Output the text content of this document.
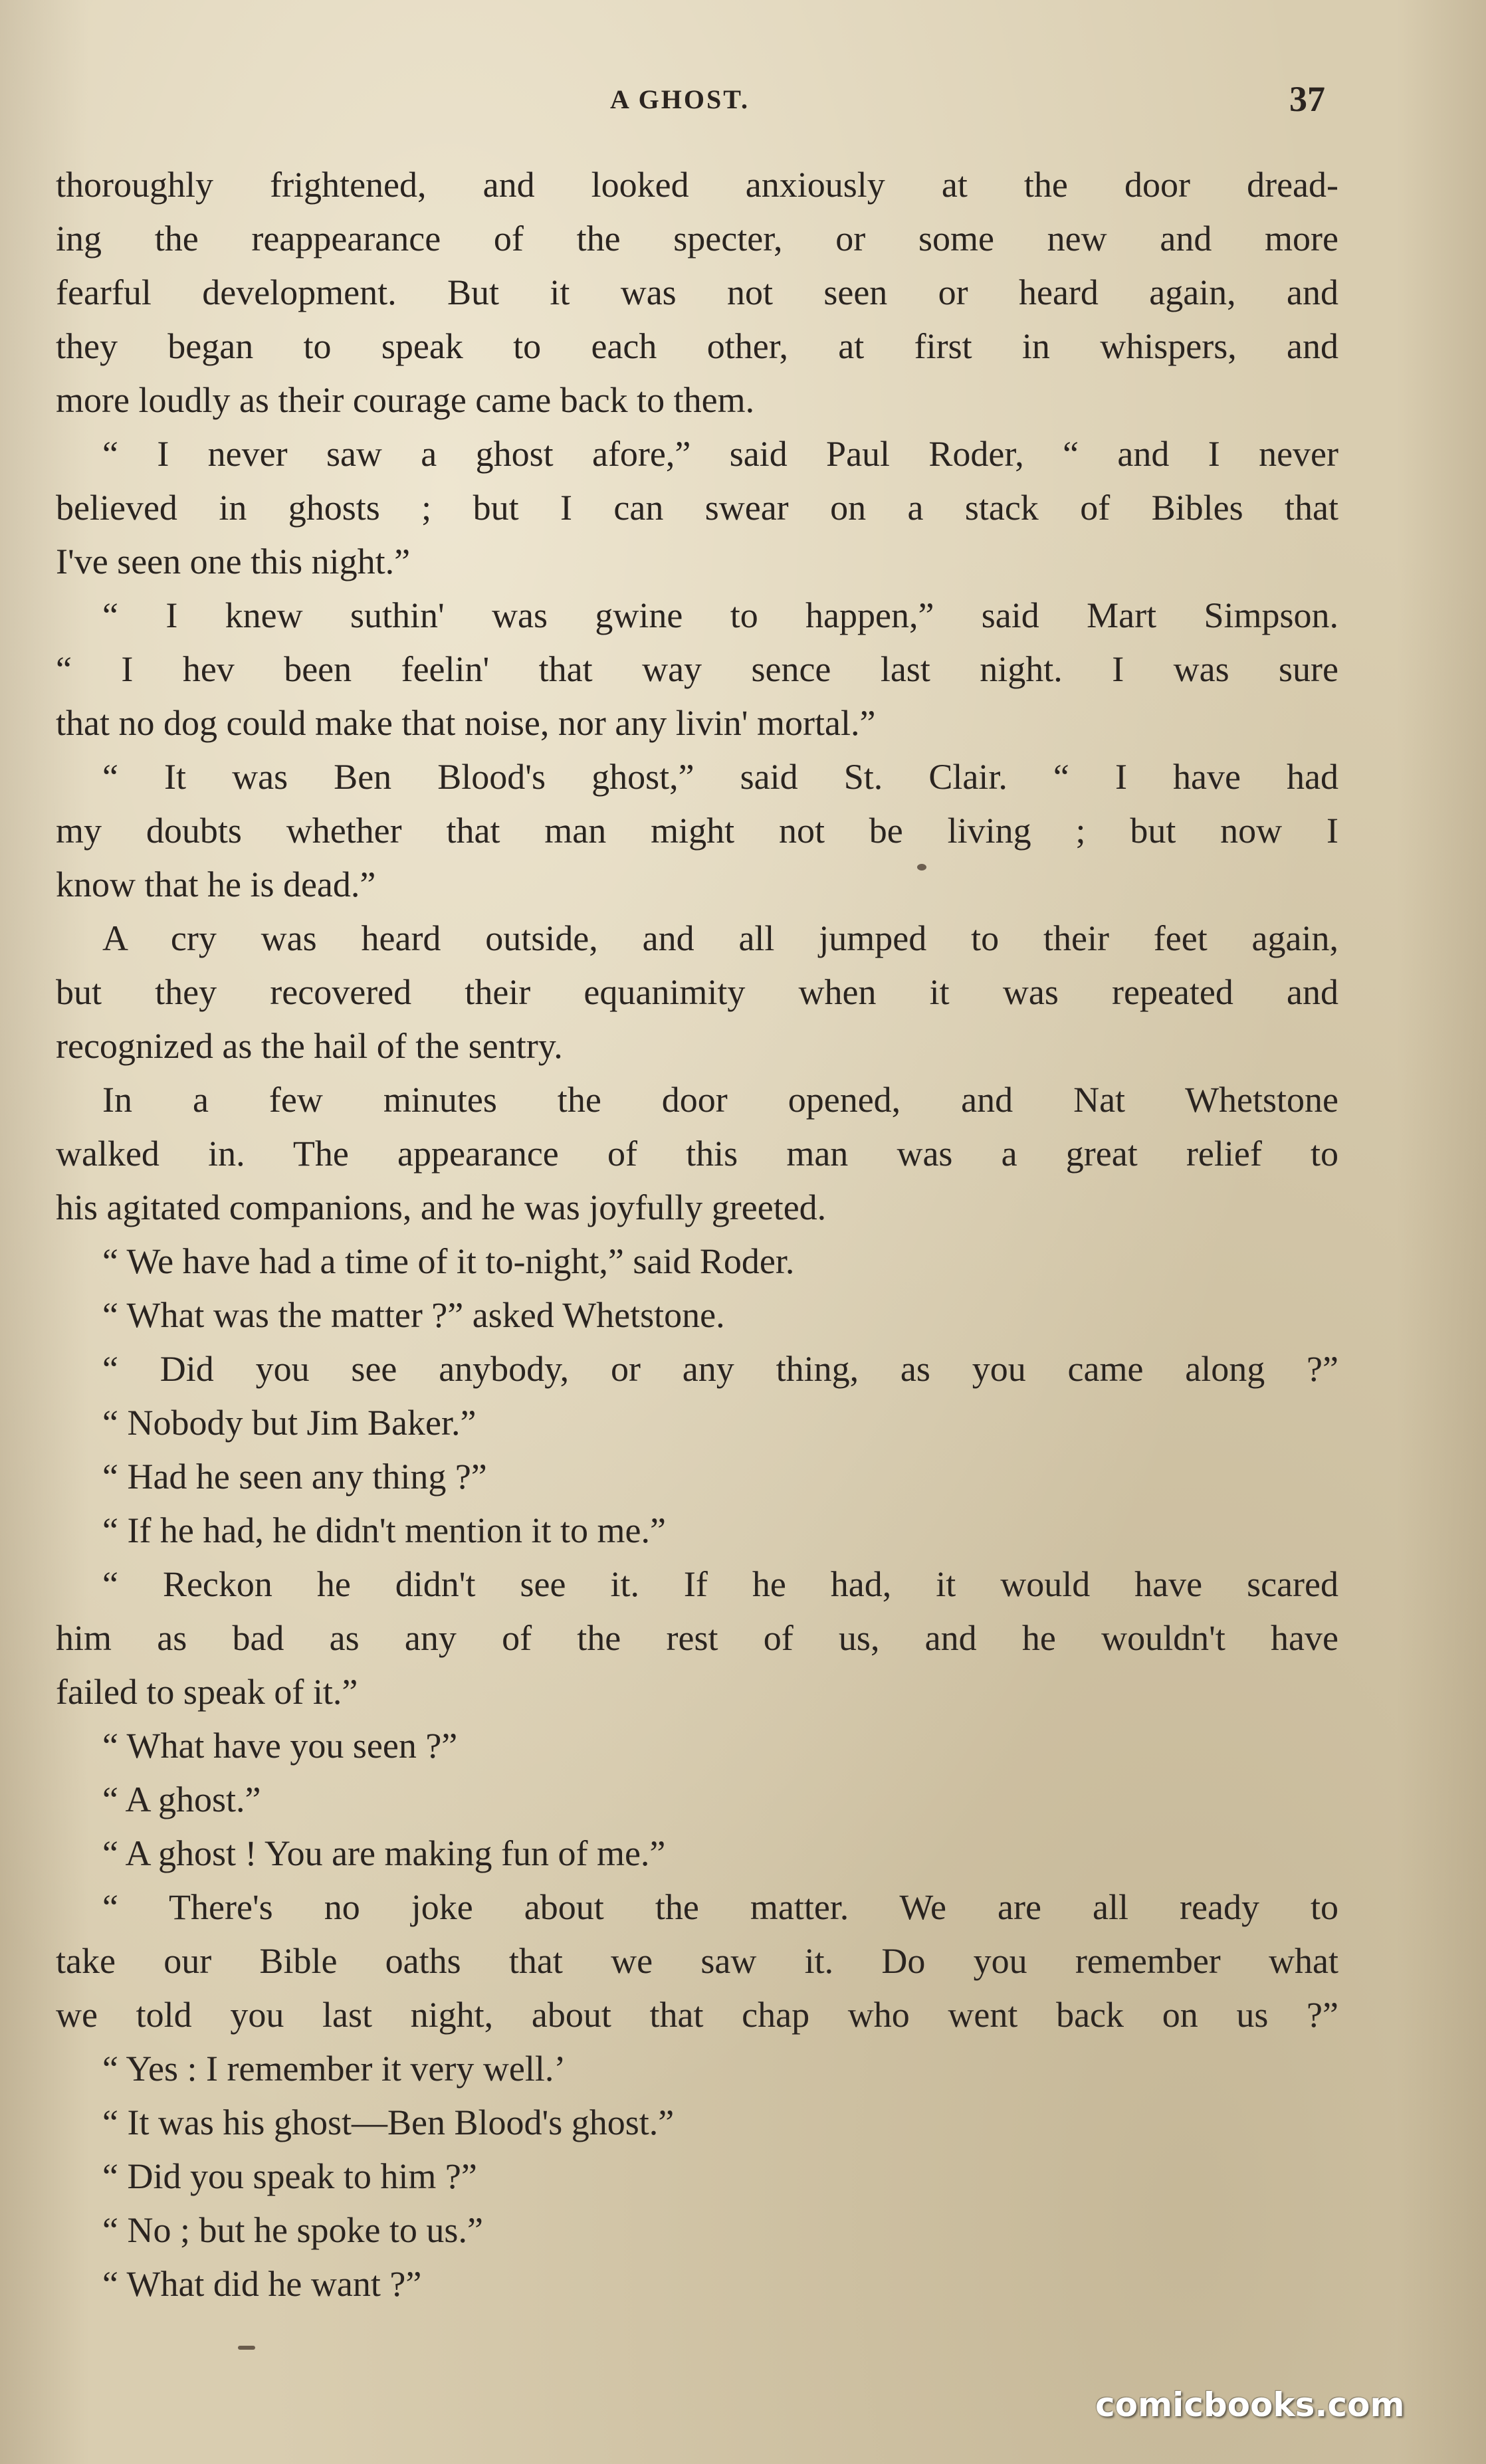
A GHOST.	37
thoroughly frightened, and looked anxiously at the door dread-
ing the reappearance of the specter, or some new and more
fearful development. But it was not seen or heard again, and
they began to speak to each other, at first in whispers, and
more loudly as their courage came back to them.
“ I never saw a ghost afore,” said Paul Roder, “ and I never
believed in ghosts ; but I can swear on a stack of Bibles that
I've seen one this night.”
“ I knew suthin' was gwine to happen,” said Mart Simpson.
“ I hev been feelin' that way sence last night. I was sure
that no dog could make that noise, nor any livin' mortal.”
“ It was Ben Blood's ghost,” said St. Clair. “ I have had
my doubts whether that man might not be living ; but now I
know that he is dead.”
A cry was heard outside, and all jumped to their feet again,
but they recovered their equanimity when it was repeated and
recognized as the hail of the sentry.
In a few minutes the door opened, and Nat Whetstone
walked in. The appearance of this man was a great relief to
his agitated companions, and he was joyfully greeted.
“ We have had a time of it to-night,” said Roder.
“ What was the matter ?” asked Whetstone.
“ Did you see anybody, or any thing, as you came along ?”
“ Nobody but Jim Baker.”
“ Had he seen any thing ?”
“ If he had, he didn't mention it to me.”
“ Reckon he didn't see it. If he had, it would have scared
him as bad as any of the rest of us, and he wouldn't have
failed to speak of it.”
“ What have you seen ?”
“ A ghost.”
“ A ghost ! You are making fun of me.”
“ There's no joke about the matter. We are all ready to
take our Bible oaths that we saw it. Do you remember what
we told you last night, about that chap who went back on us ?”
“ Yes : I remember it very well.’
“ It was his ghost—Ben Blood's ghost.”
“ Did you speak to him ?”
“ No ; but he spoke to us.”
“ What did he want ?”
comicbooks.com
